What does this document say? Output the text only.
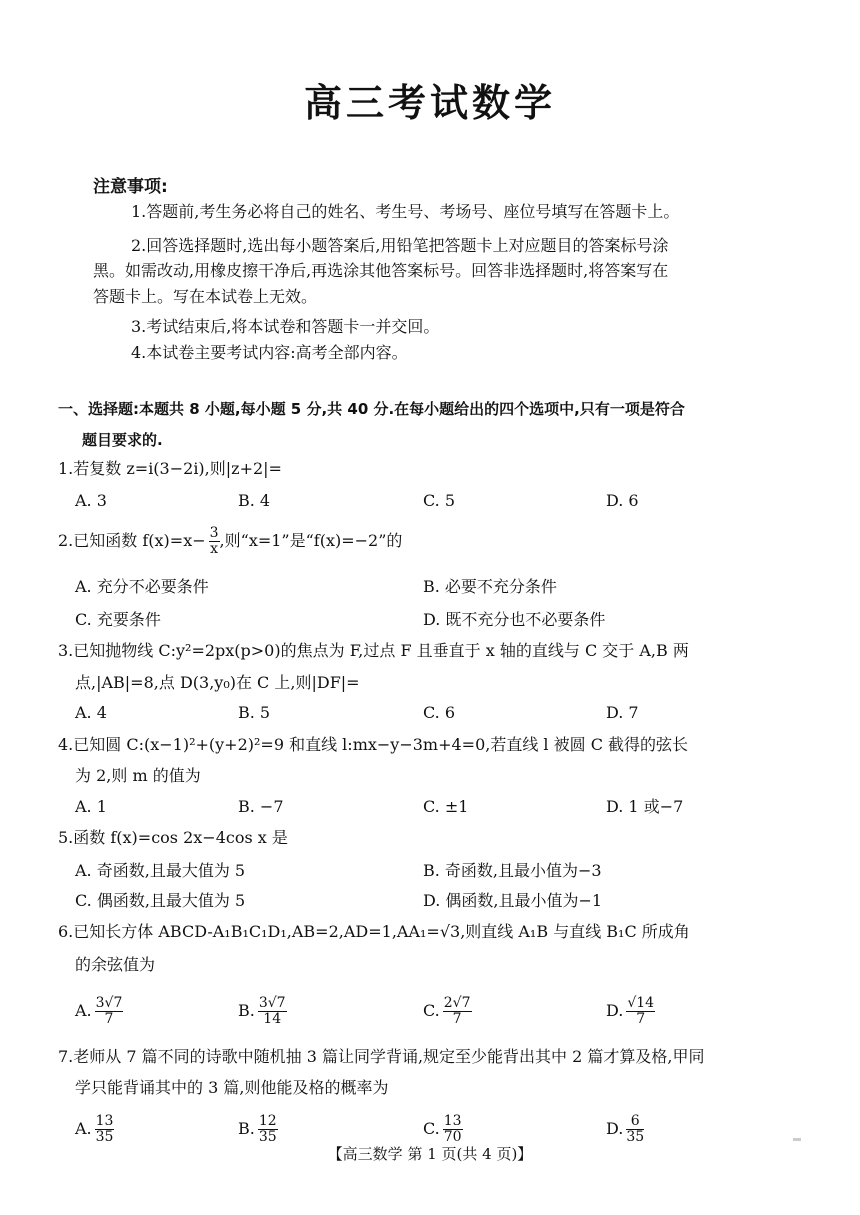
高三考试数学
注意事项:
1.答题前,考生务必将自己的姓名、考生号、考场号、座位号填写在答题卡上。
2.回答选择题时,选出每小题答案后,用铅笔把答题卡上对应题目的答案标号涂
黑。如需改动,用橡皮擦干净后,再选涂其他答案标号。回答非选择题时,将答案写在
答题卡上。写在本试卷上无效。
3.考试结束后,将本试卷和答题卡一并交回。
4.本试卷主要考试内容:高考全部内容。
一、选择题:本题共 8 小题,每小题 5 分,共 40 分.在每小题给出的四个选项中,只有一项是符合
题目要求的.
1.若复数 z=i(3−2i),则|z+2|=
A. 3	B. 4	C. 5	D. 6
2.已知函数 $f(x)=x- \frac{3}{x}$ ,则“x=1”是“f(x)=−2”的
A. 充分不必要条件	B. 必要不充分条件
C. 充要条件	D. 既不充分也不必要条件
3.已知抛物线 C:y²=2px(p>0)的焦点为 F,过点 F 且垂直于 x 轴的直线与 C 交于 A,B 两
点,|AB|=8,点 D(3,y₀)在 C 上,则|DF|=
A. 4	B. 5	C. 6	D. 7
4.已知圆 C:(x−1)²+(y+2)²=9 和直线 l:mx−y−3m+4=0,若直线 l 被圆 C 截得的弦长
为 2,则 m 的值为
A. 1	B. −7	C. ±1	D. 1 或−7
5.函数 f(x)=cos 2x−4cos x 是
A. 奇函数,且最大值为 5	B. 奇函数,且最小值为−3
C. 偶函数,且最大值为 5	D. 偶函数,且最小值为−1
6.已知长方体 ABCD-A₁B₁C₁D₁,AB=2,AD=1,AA₁=√3,则直线 A₁B 与直线 B₁C 所成角
的余弦值为
A. $\frac{3√7}{7}$	B. $\frac{3√7}{14}$	C. $\frac{2√7}{7}$	D. $\frac{√14}{7}$
7.老师从 7 篇不同的诗歌中随机抽 3 篇让同学背诵,规定至少能背出其中 2 篇才算及格,甲同
学只能背诵其中的 3 篇,则他能及格的概率为
A. $\frac{13}{35}$	B. $\frac{12}{35}$	C. $\frac{13}{70}$	D. $\frac{6}{35}$
【高三数学 第 1 页(共 4 页)】
